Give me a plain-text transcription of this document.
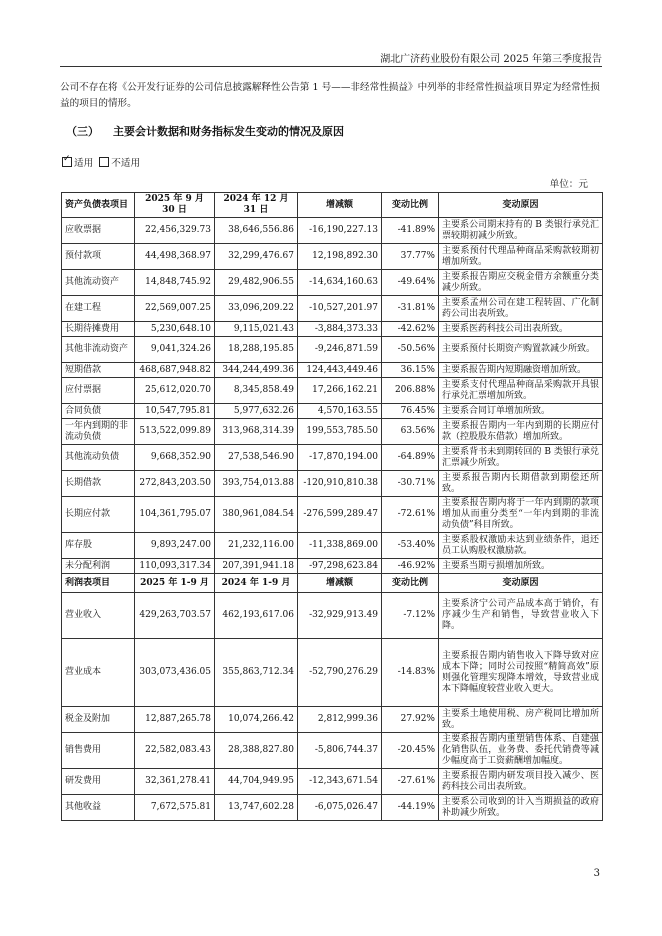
湖北广济药业股份有限公司 2025 年第三季度报告
公司不存在将《公开发行证券的公司信息披露解释性公告第 1 号——非经常性损益》中列举的非经常性损益项目界定为经常性损益的项目的情形。
（三） 主要会计数据和财务指标发生变动的情况及原因
✓适用 不适用
单位：元
资产负债表项目	2025 年 9 月 30 日	2024 年 12 月 31 日	增减额	变动比例	变动原因
应收票据	22,456,329.73	38,646,556.86	-16,190,227.13	-41.89%	主要系公司期末持有的 B 类银行承兑汇票较期初减少所致。
预付款项	44,498,368.97	32,299,476.67	12,198,892.30	37.77%	主要系预付代理品种商品采购款较期初增加所致。
其他流动资产	14,848,745.92	29,482,906.55	-14,634,160.63	-49.64%	主要系报告期应交税金借方余额重分类减少所致。
在建工程	22,569,007.25	33,096,209.22	-10,527,201.97	-31.81%	主要系孟州公司在建工程转固、广化制药公司出表所致。
长期待摊费用	5,230,648.10	9,115,021.43	-3,884,373.33	-42.62%	主要系医药科技公司出表所致。
其他非流动资产	9,041,324.26	18,288,195.85	-9,246,871.59	-50.56%	主要系预付长期资产购置款减少所致。
短期借款	468,687,948.82	344,244,499.36	124,443,449.46	36.15%	主要系报告期内短期融资增加所致。
应付票据	25,612,020.70	8,345,858.49	17,266,162.21	206.88%	主要系支付代理品种商品采购款开具银行承兑汇票增加所致。
合同负债	10,547,795.81	5,977,632.26	4,570,163.55	76.45%	主要系合同订单增加所致。
一年内到期的非流动负债	513,522,099.89	313,968,314.39	199,553,785.50	63.56%	主要系报告期内一年内到期的长期应付款（控股股东借款）增加所致。
其他流动负债	9,668,352.90	27,538,546.90	-17,870,194.00	-64.89%	主要系背书未到期转回的 B 类银行承兑汇票减少所致。
长期借款	272,843,203.50	393,754,013.88	-120,910,810.38	-30.71%	主要系报告期内长期借款到期偿还所致。
长期应付款	104,361,795.07	380,961,084.54	-276,599,289.47	-72.61%	主要系报告期内将于一年内到期的款项增加从而重分类至“一年内到期的非流动负债”科目所致。
库存股	9,893,247.00	21,232,116.00	-11,338,869.00	-53.40%	主要系股权激励未达到业绩条件，退还员工认购股权激励款。
未分配利润	110,093,317.34	207,391,941.18	-97,298,623.84	-46.92%	主要系当期亏损增加所致。
利润表项目	2025 年 1-9 月	2024 年 1-9 月	增减额	变动比例	变动原因
营业收入	429,263,703.57	462,193,617.06	-32,929,913.49	-7.12%	主要系济宁公司产品成本高于销价，有序减少生产和销售，导致营业收入下降。
营业成本	303,073,436.05	355,863,712.34	-52,790,276.29	-14.83%	主要系报告期内销售收入下降导致对应成本下降；同时公司按照“精简高效”原则强化管理实现降本增效，导致营业成本下降幅度较营业收入更大。
税金及附加	12,887,265.78	10,074,266.42	2,812,999.36	27.92%	主要系土地使用税、房产税同比增加所致。
销售费用	22,582,083.43	28,388,827.80	-5,806,744.37	-20.45%	主要系报告期内重塑销售体系、自建强化销售队伍，业务费、委托代销费等减少幅度高于工资薪酬增加幅度。
研发费用	32,361,278.41	44,704,949.95	-12,343,671.54	-27.61%	主要系报告期内研发项目投入减少、医药科技公司出表所致。
其他收益	7,672,575.81	13,747,602.28	-6,075,026.47	-44.19%	主要系公司收到的计入当期损益的政府补助减少所致。
3
